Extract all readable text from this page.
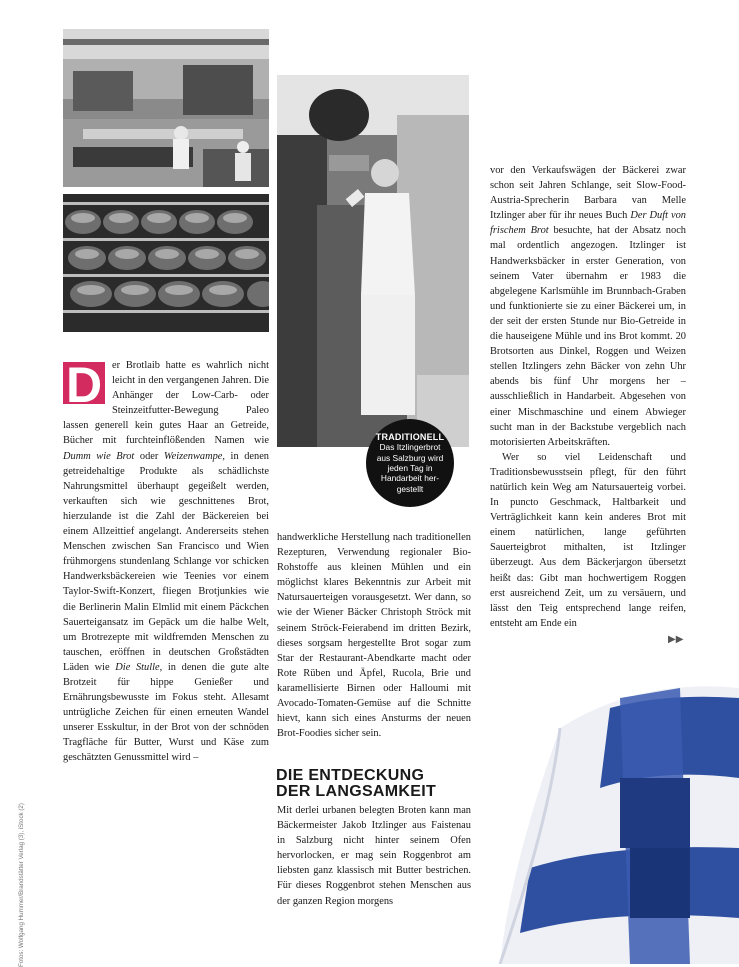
D er Brotlaib hatte es wahrlich nicht leicht in den vergangenen Jahren. Die Anhänger der Low-Carb- oder Steinzeitfutter-Bewegung Paleo lassen generell kein gutes Haar an Getreide, Bücher mit furchteinflößenden Namen wie Dumm wie Brot oder Weizenwampe, in denen getreidehaltige Produkte als schädlichste Nahrungsmittel überhaupt gegeißelt werden, verkauften sich wie geschnittenes Brot, hierzulande ist die Zahl der Bäckereien bei einem Allzeittief angelangt. Andererseits stehen Menschen zwischen San Francisco und Wien frühmorgens stundenlang Schlange vor schicken Handwerksbäckereien wie Teenies vor einem Taylor-Swift-Konzert, fliegen Brotjunkies wie die Berlinerin Malin Elmlid mit einem Päckchen Sauerteigansatz im Gepäck um die halbe Welt, um Brotrezepte mit wildfremden Menschen zu tauschen, eröffnen in deutschen Großstädten Läden wie Die Stulle, in denen die gute alte Brotzeit für hippe Genießer und Ernährungsbewusste im Fokus steht. Allesamt untrügliche Zeichen für einen erneuten Wandel unserer Esskultur, in der Brot von der schnöden Tragfläche für Butter, Wurst und Käse zum geschätzten Genussmittel wird –

TRADITIONELL
Das Itzlingerbrot
aus Salzburg wird
jeden Tag in
Handarbeit her-
gestellt

handwerkliche Herstellung nach traditionellen Rezepturen, Verwendung regionaler Bio-Rohstoffe aus kleinen Mühlen und ein möglichst klares Bekenntnis zur Arbeit mit Natursauerteigen vorausgesetzt. Wer dann, so wie der Wiener Bäcker Christoph Ströck mit seinem Ströck-Feierabend im dritten Bezirk, dieses sorgsam hergestellte Brot sogar zum Star der Restaurant-Abendkarte macht oder Rote Rüben und Äpfel, Rucola, Brie und karamellisierte Birnen oder Halloumi mit Avocado-Tomaten-Gemüse auf die Schnitte hievt, kann sich eines Ansturms der neuen Brot-Foodies sicher sein.

DIE ENTDECKUNG
DER LANGSAMKEIT

Mit derlei urbanen belegten Broten kann man Bäckermeister Jakob Itzlinger aus Faistenau in Salzburg nicht hinter seinem Ofen hervorlocken, er mag sein Roggenbrot am liebsten ganz klassisch mit Butter bestrichen. Für dieses Roggenbrot stehen Menschen aus der ganzen Region morgens

vor den Verkaufswägen der Bäckerei zwar schon seit Jahren Schlange, seit Slow-Food-Austria-Sprecherin Barbara van Melle Itzlinger aber für ihr neues Buch Der Duft von frischem Brot besuchte, hat der Absatz noch mal ordentlich angezogen. Itzlinger ist Handwerksbäcker in erster Generation, von seinem Vater übernahm er 1983 die abgelegene Karlsmühle im Brunnbach-Graben und funktionierte sie zu einer Bäckerei um, in der seit der ersten Stunde nur Bio-Getreide in die hauseigene Mühle und ins Brot kommt. 20 Brotsorten aus Dinkel, Roggen und Weizen stellen Itzlingers zehn Bäcker von zehn Uhr abends bis fünf Uhr morgens her – ausschließlich in Handarbeit. Abgesehen von einer Mischmaschine und einem Abwieger sucht man in der Backstube vergeblich nach motorisierten Arbeitskräften.

Wer so viel Leidenschaft und Traditionsbewusstsein pflegt, für den führt natürlich kein Weg am Natursauerteig vorbei. In puncto Geschmack, Haltbarkeit und Verträglichkeit kann kein anderes Brot mit einem natürlichen, lange geführten Sauerteigbrot mithalten, ist Itzlinger überzeugt. Aus dem Bäckerjargon übersetzt heißt das: Gibt man hochwertigem Roggen erst ausreichend Zeit, um zu versäuern, und lässt den Teig entsprechend lange reifen, entsteht am Ende ein

▶▶
Fotos: Wolfgang Hummer/Brandstätter Verlag (3), iStock (2)
